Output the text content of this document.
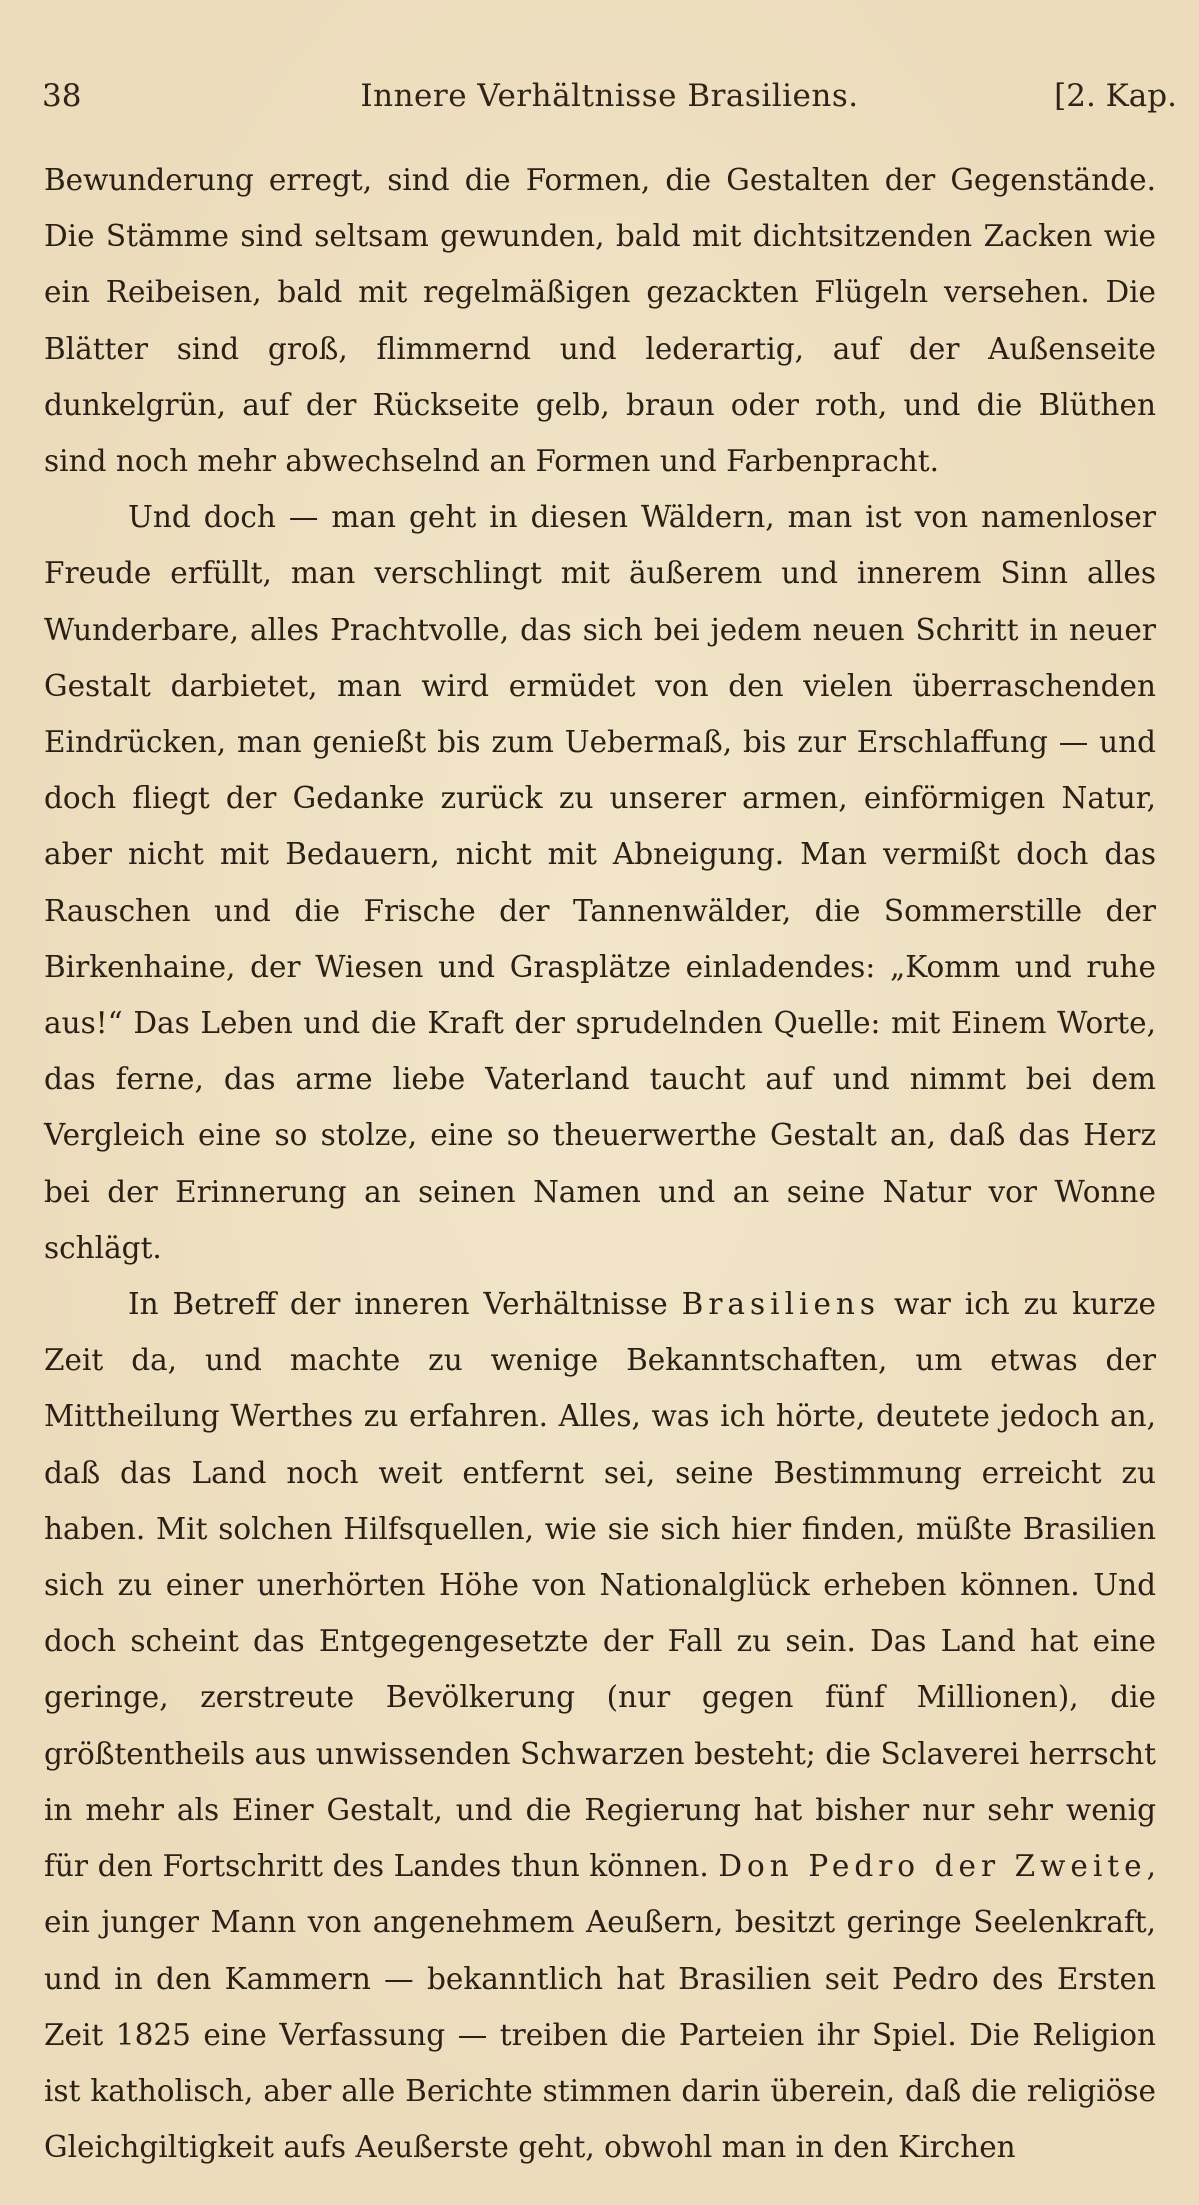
38	Innere Verhältnisse Brasiliens.	[2. Kap.

Bewunderung erregt, sind die Formen, die Gestalten der Gegenstände. Die Stämme sind seltsam gewunden, bald mit dichtsitzenden Zacken wie ein Reibeisen, bald mit regelmäßigen gezackten Flügeln versehen. Die Blätter sind groß, flimmernd und lederartig, auf der Außenseite dunkelgrün, auf der Rückseite gelb, braun oder roth, und die Blüthen sind noch mehr abwechselnd an Formen und Farbenpracht.

Und doch — man geht in diesen Wäldern, man ist von namenloser Freude erfüllt, man verschlingt mit äußerem und innerem Sinn alles Wunderbare, alles Prachtvolle, das sich bei jedem neuen Schritt in neuer Gestalt darbietet, man wird ermüdet von den vielen überraschenden Eindrücken, man genießt bis zum Uebermaß, bis zur Erschlaffung — und doch fliegt der Gedanke zurück zu unserer armen, einförmigen Natur, aber nicht mit Bedauern, nicht mit Abneigung. Man vermißt doch das Rauschen und die Frische der Tannenwälder, die Sommerstille der Birkenhaine, der Wiesen und Grasplätze einladendes: „Komm und ruhe aus!“ Das Leben und die Kraft der sprudelnden Quelle: mit Einem Worte, das ferne, das arme liebe Vaterland taucht auf und nimmt bei dem Vergleich eine so stolze, eine so theuerwerthe Gestalt an, daß das Herz bei der Erinnerung an seinen Namen und an seine Natur vor Wonne schlägt.

In Betreff der inneren Verhältnisse Brasiliens war ich zu kurze Zeit da, und machte zu wenige Bekanntschaften, um etwas der Mittheilung Werthes zu erfahren. Alles, was ich hörte, deutete jedoch an, daß das Land noch weit entfernt sei, seine Bestimmung erreicht zu haben. Mit solchen Hilfsquellen, wie sie sich hier finden, müßte Brasilien sich zu einer unerhörten Höhe von Nationalglück erheben können. Und doch scheint das Entgegengesetzte der Fall zu sein. Das Land hat eine geringe, zerstreute Bevölkerung (nur gegen fünf Millionen), die größtentheils aus unwissenden Schwarzen besteht; die Sclaverei herrscht in mehr als Einer Gestalt, und die Regierung hat bisher nur sehr wenig für den Fortschritt des Landes thun können. Don Pedro der Zweite, ein junger Mann von angenehmem Aeußern, besitzt geringe Seelenkraft, und in den Kammern — bekanntlich hat Brasilien seit Pedro des Ersten Zeit 1825 eine Verfassung — treiben die Parteien ihr Spiel. Die Religion ist katholisch, aber alle Berichte stimmen darin überein, daß die religiöse Gleichgiltigkeit aufs Aeußerste geht, obwohl man in den Kirchen
